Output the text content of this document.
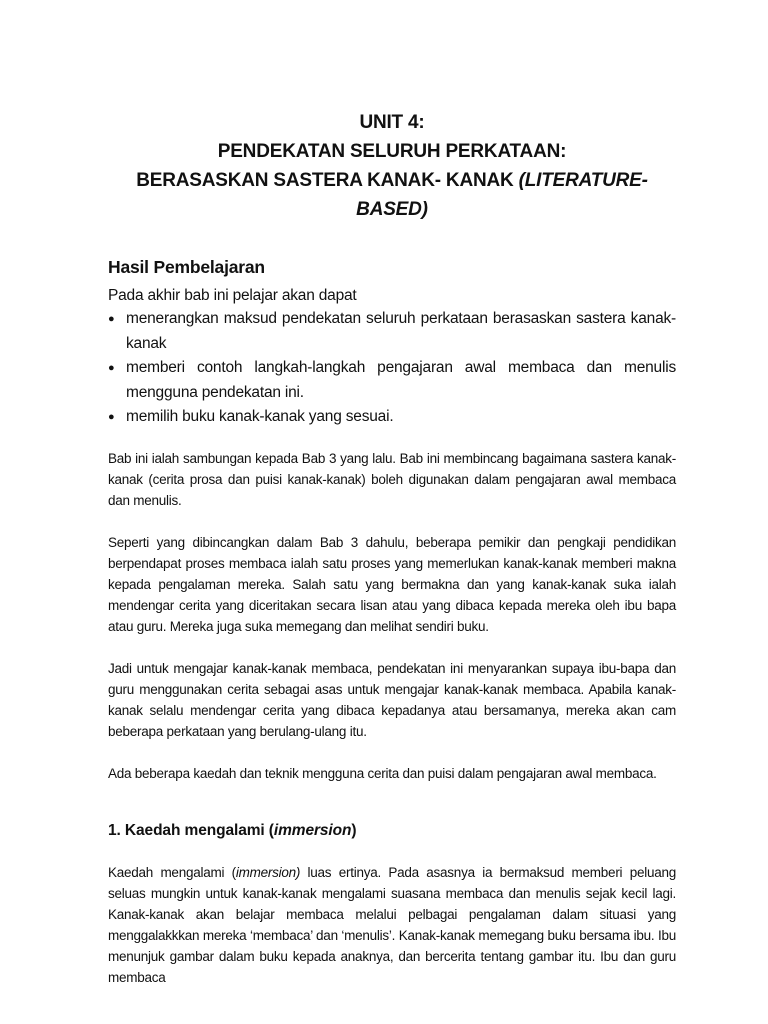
UNIT 4:
PENDEKATAN SELURUH PERKATAAN:
BERASASKAN SASTERA KANAK- KANAK (LITERATURE-
BASED)
Hasil Pembelajaran
Pada akhir bab ini pelajar akan dapat
● menerangkan maksud pendekatan seluruh perkataan berasaskan sastera kanak-kanak
● memberi contoh langkah-langkah pengajaran awal membaca dan menulis mengguna pendekatan ini.
● memilih buku kanak-kanak yang sesuai.

Bab ini ialah sambungan kepada Bab 3 yang lalu. Bab ini membincang bagaimana sastera kanak-kanak (cerita prosa dan puisi kanak-kanak) boleh digunakan dalam pengajaran awal membaca dan menulis.

Seperti yang dibincangkan dalam Bab 3 dahulu, beberapa pemikir dan pengkaji pendidikan berpendapat proses membaca ialah satu proses yang memerlukan kanak-kanak memberi makna kepada pengalaman mereka. Salah satu yang bermakna dan yang kanak-kanak suka ialah mendengar cerita yang diceritakan secara lisan atau yang dibaca kepada mereka oleh ibu bapa atau guru. Mereka juga suka memegang dan melihat sendiri buku.

Jadi untuk mengajar kanak-kanak membaca, pendekatan ini menyarankan supaya ibu-bapa dan guru menggunakan cerita sebagai asas untuk mengajar kanak-kanak membaca. Apabila kanak-kanak selalu mendengar cerita yang dibaca kepadanya atau bersamanya, mereka akan cam beberapa perkataan yang berulang-ulang itu.

Ada beberapa kaedah dan teknik mengguna cerita dan puisi dalam pengajaran awal membaca.

1. Kaedah mengalami (immersion)

Kaedah mengalami (immersion) luas ertinya. Pada asasnya ia bermaksud memberi peluang seluas mungkin untuk kanak-kanak mengalami suasana membaca dan menulis sejak kecil lagi. Kanak-kanak akan belajar membaca melalui pelbagai pengalaman dalam situasi yang menggalakkkan mereka ‘membaca’ dan ‘menulis’. Kanak-kanak memegang buku bersama ibu. Ibu menunjuk gambar dalam buku kepada anaknya, dan bercerita tentang gambar itu. Ibu dan guru membaca
